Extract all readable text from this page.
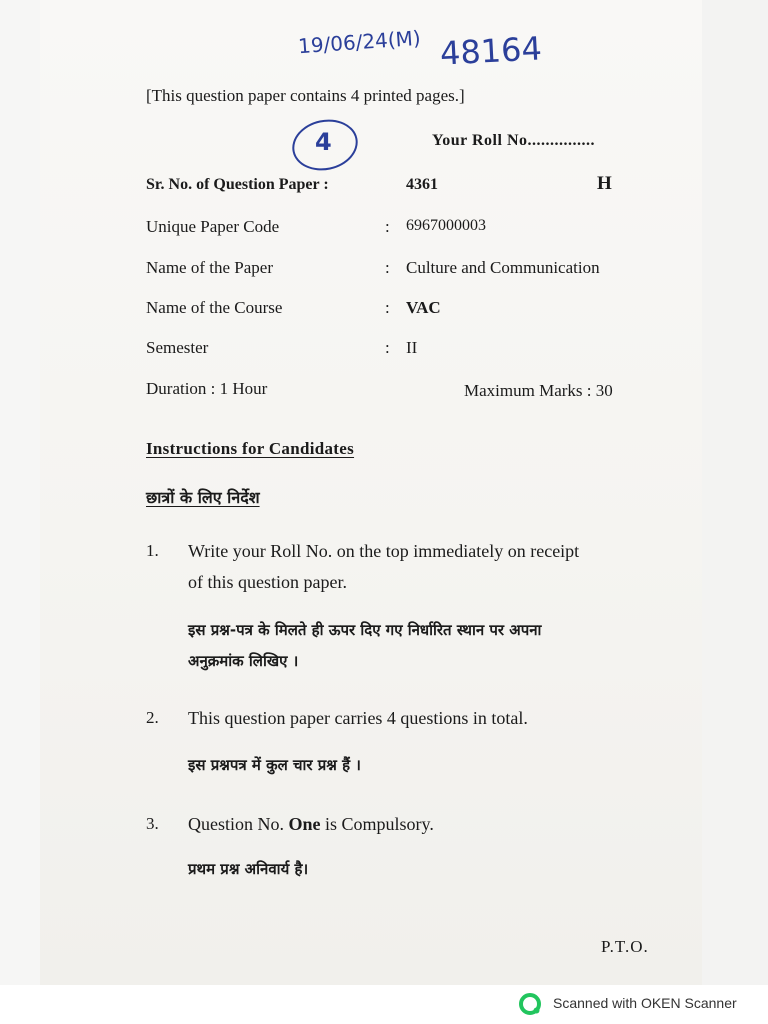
19/06/24(M) 48164
4
[This question paper contains 4 printed pages.]
Your Roll No...............
Sr. No. of Question Paper :	4361	H
Unique Paper Code	: 6967000003
Name of the Paper	: Culture and Communication
Name of the Course	: VAC
Semester	: II
Duration : 1 Hour	Maximum Marks : 30
Instructions for Candidates
छात्रों के लिए निर्देश
1. Write your Roll No. on the top immediately on receipt
of this question paper.
इस प्रश्न-पत्र के मिलते ही ऊपर दिए गए निर्धारित स्थान पर अपना
अनुक्रमांक लिखिए ।
2. This question paper carries 4 questions in total.
इस प्रश्नपत्र में कुल चार प्रश्न हैं ।
3. Question No. One is Compulsory.
प्रथम प्रश्न अनिवार्य है।
P.T.O.
Scanned with OKEN Scanner
